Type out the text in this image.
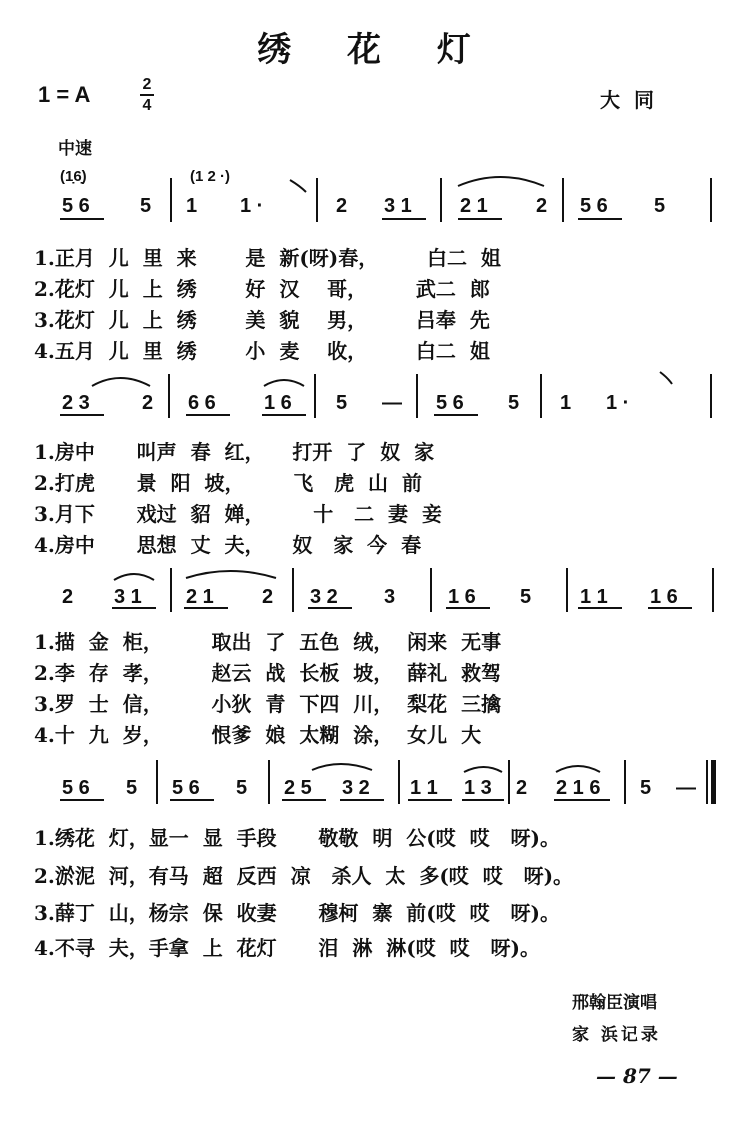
绣 花 灯
1 = A	2
4	大同
中速
(1̣6̣)	(1 2 ·)
5 6	5 1 1 ·	2 3 1 2 1 2 5 6 5
1.正月  儿  里  来       是  新(呀)春，       白二  姐
2.花灯  儿  上  绣       好  汉    哥，       武二  郎
3.花灯  儿  上  绣       美  貌    男，       吕奉  先
4.五月  儿  里  绣       小  麦    收，       白二  姐
2 3	2 6 6 1 6 5 — 5 6 5 1 1 ·
1.房中      叫声  春  红，    打开  了  奴  家
2.打虎      景  阳  坡，       飞   虎  山  前
3.月下      戏过  貂  婵，       十   二  妻  妾
4.房中      思想  丈  夫，    奴   家  今  春
2 3 1 2 1 2 3 2 3	1 6 5 1 1 1 6
1.描  金  柜，       取出  了  五色  绒，  闲来  无事
2.李  存  孝，       赵云  战  长板  坡，  薛礼  救驾
3.罗  士  信，       小狄  青  下四  川，  梨花  三擒
4.十  九  岁，       恨爹  娘  太糊  涂，  女儿  大
5 6 5 5 6 5 2 5 3 2 1 1 1 3 2 2 1 6 5 —
1.绣花  灯，显一  显  手段      敬敬  明  公(哎  哎   呀)。
2.淤泥  河，有马  超  反西  凉   杀人  太  多(哎  哎   呀)。
3.薛丁  山，杨宗  保  收妻      穆柯  寨  前(哎  哎   呀)。
4.不寻  夫，手拿  上  花灯      泪  淋  淋(哎  哎   呀)。
邢翰臣演唱
家 浜记录
— 87 —
